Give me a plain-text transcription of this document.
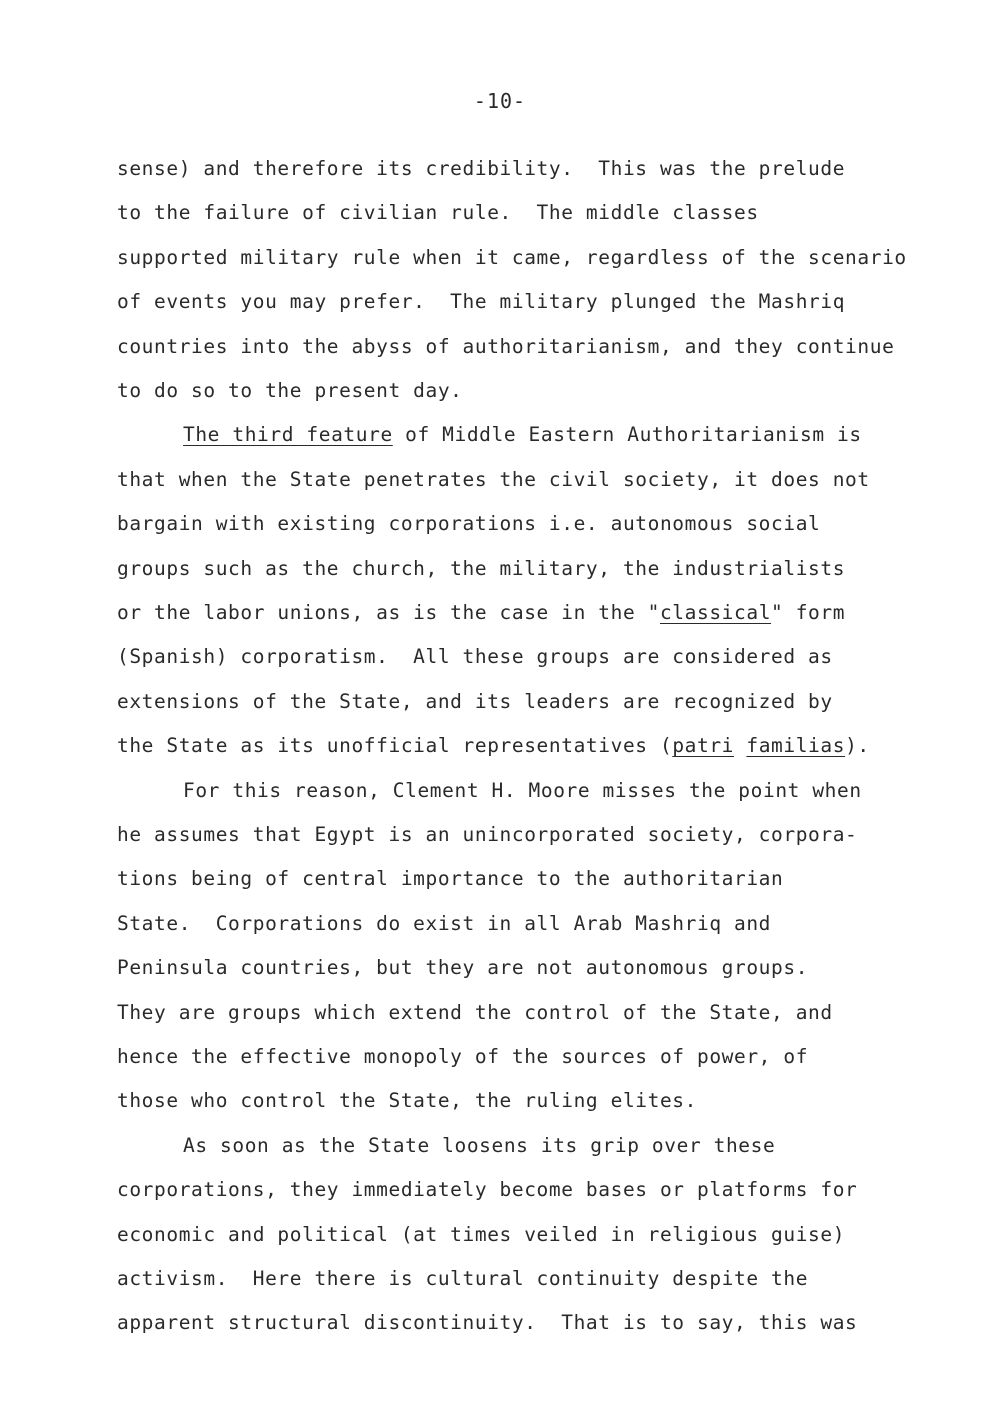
-10-
sense) and therefore its credibility.  This was the prelude
to the failure of civilian rule.  The middle classes
supported military rule when it came, regardless of the scenario
of events you may prefer.  The military plunged the Mashriq
countries into the abyss of authoritarianism, and they continue
to do so to the present day.
The third feature of Middle Eastern Authoritarianism is
that when the State penetrates the civil society, it does not
bargain with existing corporations i.e. autonomous social
groups such as the church, the military, the industrialists
or the labor unions, as is the case in the "classical" form
(Spanish) corporatism.  All these groups are considered as
extensions of the State, and its leaders are recognized by
the State as its unofficial representatives (patri familias).
For this reason, Clement H. Moore misses the point when
he assumes that Egypt is an unincorporated society, corpora-
tions being of central importance to the authoritarian
State.  Corporations do exist in all Arab Mashriq and
Peninsula countries, but they are not autonomous groups.
They are groups which extend the control of the State, and
hence the effective monopoly of the sources of power, of
those who control the State, the ruling elites.
As soon as the State loosens its grip over these
corporations, they immediately become bases or platforms for
economic and political (at times veiled in religious guise)
activism.  Here there is cultural continuity despite the
apparent structural discontinuity.  That is to say, this was
